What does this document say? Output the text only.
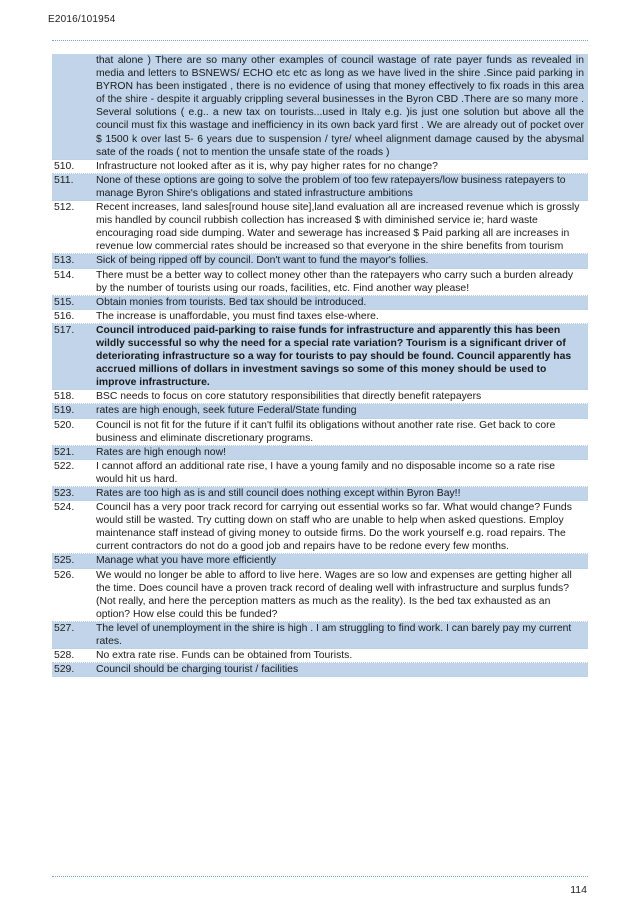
E2016/101954
that alone ) There are so many other examples of council wastage of rate payer funds as revealed in media and letters to BSNEWS/ ECHO etc etc as long as we have lived in the shire .Since paid parking in BYRON has been instigated , there is no evidence of using that money effectively to fix roads in this area of the shire - despite it arguably crippling several businesses in the Byron CBD .There are so many more . Several solutions ( e.g.. a new tax on tourists...used in Italy e.g. )is just one solution but above all the council must fix this wastage and inefficiency in its own back yard first . We are already out of pocket over $ 1500 k over last 5- 6 years due to suspension / tyre/ wheel alignment damage caused by the abysmal sate of the roads ( not to mention the unsafe state of the roads )
510.	Infrastructure not looked after as it is, why pay higher rates for no change?
511.	None of these options are going to solve the problem of too few ratepayers/low business ratepayers to manage Byron Shire's obligations and stated infrastructure ambitions
512.	Recent increases, land sales[round house site],land evaluation all are increased revenue which is grossly mis handled by council rubbish collection has increased $ with diminished service ie; hard waste encouraging road side dumping. Water and sewerage has increased $ Paid parking all are increases in revenue low commercial rates should be increased so that everyone in the shire benefits from tourism
513.	Sick of being ripped off by council. Don't want to fund the mayor's follies.
514.	There must be a better way to collect money other than the ratepayers who carry such a burden already by the number of tourists using our roads, facilities, etc. Find another way please!
515.	Obtain monies from tourists. Bed tax should be introduced.
516.	The increase is unaffordable, you must find taxes else-where.
517.	Council introduced paid-parking to raise funds for infrastructure and apparently this has been wildly successful so why the need for a special rate variation? Tourism is a significant driver of deteriorating infrastructure so a way for tourists to pay should be found. Council apparently has accrued millions of dollars in investment savings so some of this money should be used to improve infrastructure.
518.	BSC needs to focus on core statutory responsibilities that directly benefit ratepayers
519.	rates are high enough, seek future Federal/State funding
520.	Council is not fit for the future if it can't fulfil its obligations without another rate rise. Get back to core business and eliminate discretionary programs.
521.	Rates are high enough now!
522.	I cannot afford an additional rate rise, I have a young family and no disposable income so a rate rise would hit us hard.
523.	Rates are too high as is and still council does nothing except within Byron Bay!!
524.	Council has a very poor track record for carrying out essential works so far. What would change? Funds would still be wasted. Try cutting down on staff who are unable to help when asked questions. Employ maintenance staff instead of giving money to outside firms. Do the work yourself e.g. road repairs. The current contractors do not do a good job and repairs have to be redone every few months.
525.	Manage what you have more efficiently
526.	We would no longer be able to afford to live here. Wages are so low and expenses are getting higher all the time. Does council have a proven track record of dealing well with infrastructure and surplus funds? (Not really, and here the perception matters as much as the reality). Is the bed tax exhausted as an option? How else could this be funded?
527.	The level of unemployment in the shire is high . I am struggling to find work. I can barely pay my current rates.
528.	No extra rate rise. Funds can be obtained from Tourists.
529.	Council should be charging tourist / facilities
114
